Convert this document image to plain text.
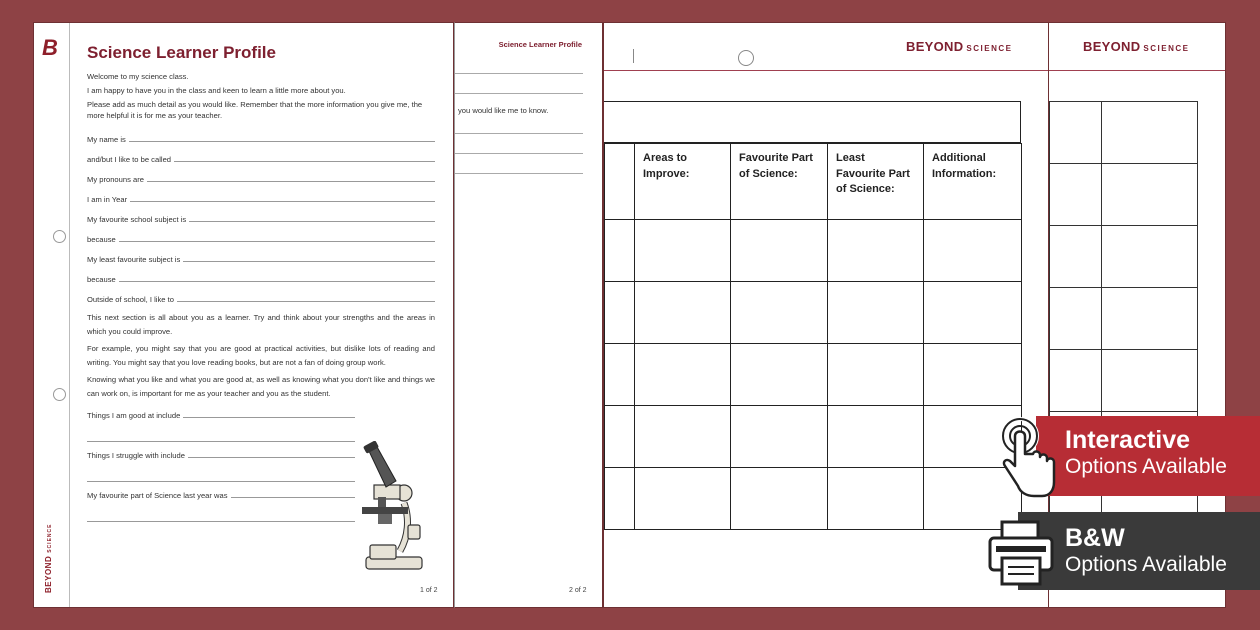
B
BEYONDSCIENCE
Science Learner Profile
Welcome to my science class.
I am happy to have you in the class and keen to learn a little more about you.
Please add as much detail as you would like. Remember that the more information you give me, the more helpful it is for me as your teacher.
My name is
and/but I like to be called
My pronouns are
I am in Year
My favourite school subject is
because
My least favourite subject is
because
Outside of school, I like to
This next section is all about you as a learner. Try and think about your strengths and the areas in which you could improve.
For example, you might say that you are good at practical activities, but dislike lots of reading and writing. You might say that you love reading books, but are not a fan of doing group work.
Knowing what you like and what you are good at, as well as knowing what you don't like and things we can work on, is important for me as your teacher and you as the student.
Things I am good at include
Things I struggle with include
My favourite part of Science last year was
1 of 2
Science Learner Profile
you would like me to know.
2 of 2
BEYOND SCIENCE
	Areas to Improve:	Favourite Part of Science:	Least Favourite Part of Science:	Additional Information:

BEYOND SCIENCE

Interactive
Options Available
B&W
Options Available
